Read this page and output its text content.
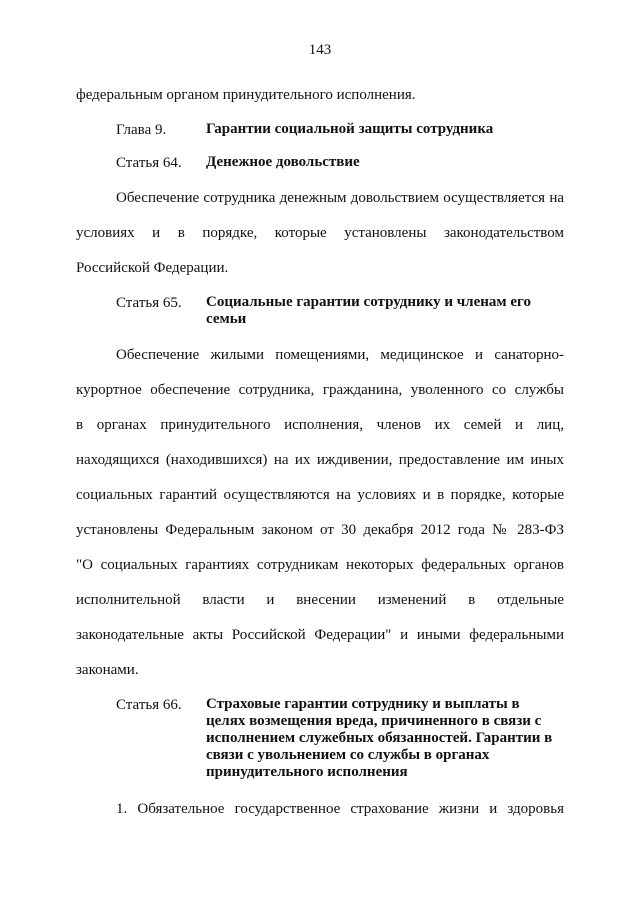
143
федеральным органом принудительного исполнения.
Глава 9.	Гарантии социальной защиты сотрудника
Статья 64. Денежное довольствие
Обеспечение сотрудника денежным довольствием осуществляется на
условиях и в порядке, которые установлены законодательством
Российской Федерации.
Статья 65. Социальные гарантии сотруднику и членам его
семьи
Обеспечение жилыми помещениями, медицинское и санаторно-
курортное обеспечение сотрудника, гражданина, уволенного со службы
в органах принудительного исполнения, членов их семей и лиц,
находящихся (находившихся) на их иждивении, предоставление им иных
социальных гарантий осуществляются на условиях и в порядке, которые
установлены Федеральным законом от 30 декабря 2012 года № 283-ФЗ
"О социальных гарантиях сотрудникам некоторых федеральных органов
исполнительной власти и внесении изменений в отдельные
законодательные акты Российской Федерации" и иными федеральными
законами.
Статья 66. Страховые гарантии сотруднику и выплаты в
целях возмещения вреда, причиненного в связи с
исполнением служебных обязанностей. Гарантии в
связи с увольнением со службы в органах
принудительного исполнения
1. Обязательное государственное страхование жизни и здоровья
